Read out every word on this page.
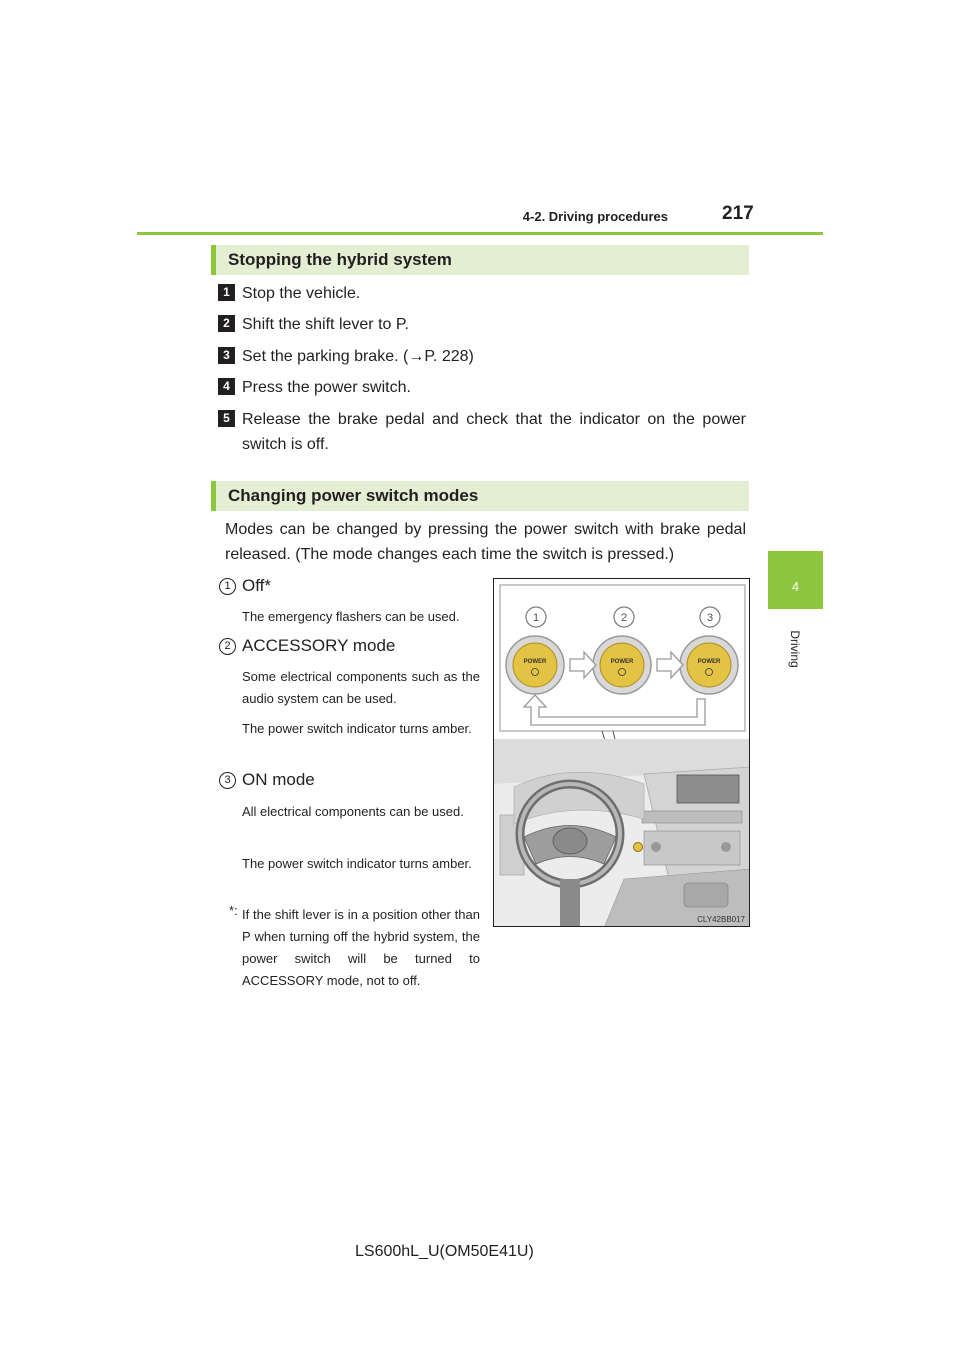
4-2. Driving procedures	217
4
Driving
Stopping the hybrid system
1 Stop the vehicle.
2 Shift the shift lever to P.
3 Set the parking brake. (→P. 228)
4 Press the power switch.
5 Release the brake pedal and check that the indicator on the power switch is off.
Changing power switch modes
Modes can be changed by pressing the power switch with brake pedal released. (The mode changes each time the switch is pressed.)
1 Off*
The emergency flashers can be used.
2 ACCESSORY mode
Some electrical components such as the audio system can be used.
The power switch indicator turns amber.
3 ON mode
All electrical components can be used.
The power switch indicator turns amber.
*: If the shift lever is in a position other than P when turning off the hybrid system, the power switch will be turned to ACCESSORY mode, not to off.
POWER
1
POWER
2
POWER
3
CLY42BB017
LS600hL_U(OM50E41U)
